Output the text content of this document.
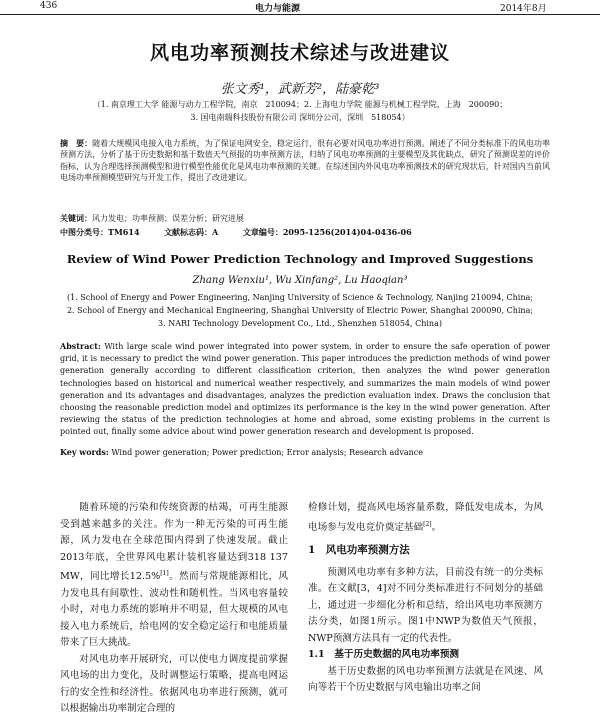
436	电力与能源	2014年8月
风电功率预测技术综述与改进建议
张文秀¹，武新芳²，陆豪乾³
（1. 南京理工大学 能源与动力工程学院，南京　210094；2. 上海电力学院 能源与机械工程学院，上海　200090；
3. 国电南瑞科技股份有限公司 深圳分公司，深圳　518054）
摘　要：随着大规模风电接入电力系统，为了保证电网安全、稳定运行，很有必要对风电功率进行预测。阐述了不同分类标准下的风电功率预测方法，分析了基于历史数据和基于数值天气预报的功率预测方法，归纳了风电功率预测的主要模型及其优缺点，研究了预测误差的评价指标，认为合理选择预测模型和进行模型性能优化是风电功率预测的关键。在综述国内外风电功率预测技术的研究现状后，针对国内当前风电场功率预测模型研究与开发工作，提出了改进建议。
关键词：风力发电；功率预测；误差分析；研究进展
中图分类号：TM614	文献标志码：A	文章编号：2095-1256(2014)04-0436-06
Review of Wind Power Prediction Technology and Improved Suggestions
Zhang Wenxiu¹, Wu Xinfang², Lu Haoqian³
(1. School of Energy and Power Engineering, Nanjing University of Science & Technology, Nanjing 210094, China;
2. School of Energy and Mechanical Engineering, Shanghai University of Electric Power, Shanghai 200090, China;
3. NARI Technology Development Co., Ltd., Shenzhen 518054, China)
Abstract: With large scale wind power integrated into power system, in order to ensure the safe operation of power grid, it is necessary to predict the wind power generation. This paper introduces the prediction methods of wind power generation generally according to different classification criterion, then analyzes the wind power generation technologies based on historical and numerical weather respectively, and summarizes the main models of wind power generation and its advantages and disadvantages, analyzes the prediction evaluation index. Draws the conclusion that choosing the reasonable prediction model and optimizes its performance is the key in the wind power generation. After reviewing the status of the prediction technologies at home and abroad, some existing problems in the current is pointed out, finally some advice about wind power generation research and development is proposed.
Key words: Wind power generation; Power prediction; Error analysis; Research advance

随着环境的污染和传统资源的枯竭，可再生能源受到越来越多的关注。作为一种无污染的可再生能源，风力发电在全球范围内得到了快速发展。截止2013年底，全世界风电累计装机容量达到318 137 MW，同比增长12.5%[1]。然而与常规能源相比，风力发电具有间歇性、波动性和随机性。当风电容量较小时，对电力系统的影响并不明显，但大规模的风电接入电力系统后，给电网的安全稳定运行和电能质量带来了巨大挑战。

对风电功率开展研究，可以使电力调度提前掌握风电场的出力变化，及时调整运行策略，提高电网运行的安全性和经济性。依据风电功率进行预测，就可以根据输出功率制定合理的

检修计划，提高风电场容量系数，降低发电成本，为风电场参与发电竞价奠定基础[2]。

1　风电功率预测方法

预测风电功率有多种方法，目前没有统一的分类标准。在文献[3，4]对不同分类标准进行不同划分的基础上，通过进一步细化分析和总结，给出风电功率预测方法分类，如图1所示。图1中NWP为数值天气预报，NWP预测方法具有一定的代表性。

1.1　基于历史数据的风电功率预测

基于历史数据的风电功率预测方法就是在风速、风向等若干个历史数据与风电输出功率之间
